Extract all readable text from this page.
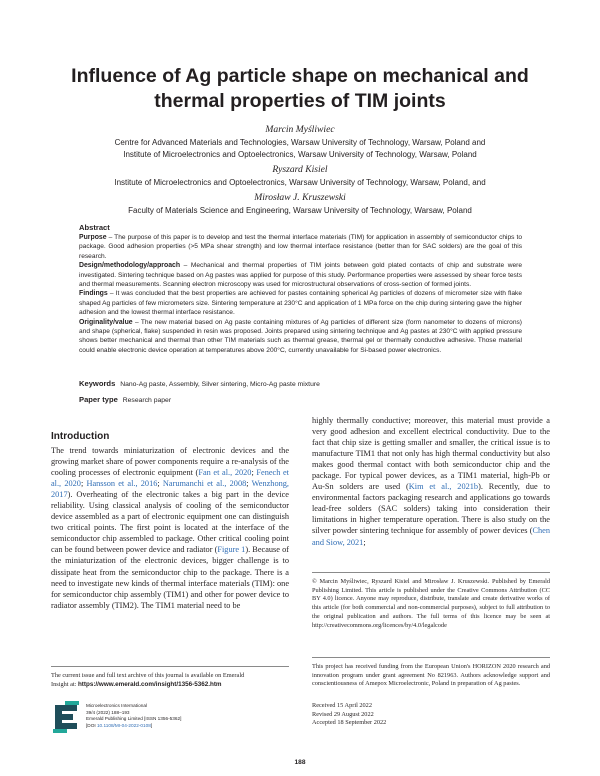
Influence of Ag particle shape on mechanical and thermal properties of TIM joints
Marcin Myśliwiec
Centre for Advanced Materials and Technologies, Warsaw University of Technology, Warsaw, Poland and
Institute of Microelectronics and Optoelectronics, Warsaw University of Technology, Warsaw, Poland
Ryszard Kisiel
Institute of Microelectronics and Optoelectronics, Warsaw University of Technology, Warsaw, Poland, and
Mirosław J. Kruszewski
Faculty of Materials Science and Engineering, Warsaw University of Technology, Warsaw, Poland
Abstract

Purpose – The purpose of this paper is to develop and test the thermal interface materials (TIM) for application in assembly of semiconductor chips to package. Good adhesion properties (>5 MPa shear strength) and low thermal interface resistance (better than for SAC solders) are the goal of this research.

Design/methodology/approach – Mechanical and thermal properties of TIM joints between gold plated contacts of chip and substrate were investigated. Sintering technique based on Ag pastes was applied for purpose of this study. Performance properties were assessed by shear force tests and thermal measurements. Scanning electron microscopy was used for microstructural observations of cross-section of formed joints.

Findings – It was concluded that the best properties are achieved for pastes containing spherical Ag particles of dozens of micrometer size with flake shaped Ag particles of few micrometers size. Sintering temperature at 230°C and application of 1 MPa force on the chip during sintering gave the higher adhesion and the lowest thermal interface resistance.

Originality/value – The new material based on Ag paste containing mixtures of Ag particles of different size (form nanometer to dozens of microns) and shape (spherical, flake) suspended in resin was proposed. Joints prepared using sintering technique and Ag pastes at 230°C with applied pressure shows better mechanical and thermal than other TIM materials such as thermal grease, thermal gel or thermally conductive adhesive. Those material could enable electronic device operation at temperatures above 200°C, currently unavailable for Si-based power electronics.

Keywords Nano-Ag paste, Assembly, Silver sintering, Micro-Ag paste mixture
Paper type Research paper
Introduction
The trend towards miniaturization of electronic devices and the growing market share of power components require a re-analysis of the cooling processes of electronic equipment (Fan et al., 2020; Fenech et al., 2020; Hansson et al., 2016; Narumanchi et al., 2008; Wenzhong, 2017). Overheating of the electronic takes a big part in the device reliability. Using classical analysis of cooling of the semiconductor device assembled as a part of electronic equipment one can distinguish two critical points. The first point is located at the interface of the semiconductor chip assembled to package. Other critical cooling point can be found between power device and radiator (Figure 1). Because of the miniaturization of the electronic devices, bigger challenge is to dissipate heat from the semiconductor chip to the package. There is a need to investigate new kinds of thermal interface materials (TIM): one for semiconductor chip assembly (TIM1) and other for power device to radiator assembly (TIM2). The TIM1 material need to be
highly thermally conductive; moreover, this material must provide a very good adhesion and excellent electrical conductivity. Due to the fact that chip size is getting smaller and smaller, the critical issue is to manufacture TIM1 that not only has high thermal conductivity but also makes good thermal contact with both semiconductor chip and the package. For typical power devices, as a TIM1 material, high-Pb or Au-Sn solders are used (Kim et al., 2021b). Recently, due to environmental factors packaging research and applications go towards lead-free solders (SAC solders) taking into consideration their limitations in higher temperature operation. There is also study on the silver powder sintering technique for assembly of power devices (Chen and Siow, 2021;
© Marcin Myśliwiec, Ryszard Kisiel and Mirosław J. Kruszewski. Published by Emerald Publishing Limited. This article is published under the Creative Commons Attribution (CC BY 4.0) licence. Anyone may reproduce, distribute, translate and create derivative works of this article (for both commercial and non-commercial purposes), subject to full attribution to the original publication and authors. The full terms of this licence may be seen at http://creativecommons.org/licences/by/4.0/legalcode
This project has received funding from the European Union's HORIZON 2020 research and innovation program under grant agreement No 821963. Authors acknowledge support and conscientiousness of Amepox Microelectronic, Poland in preparation of Ag pastes.
Received 15 April 2022
Revised 29 August 2022
Accepted 18 September 2022
The current issue and full text archive of this journal is available on Emerald
Insight at: https://www.emerald.com/insight/1356-5362.htm
Microelectronics International
39/4 (2022) 188–193
Emerald Publishing Limited [ISSN 1356-5362]
[DOI 10.1108/MI-04-2022-0108]
188
